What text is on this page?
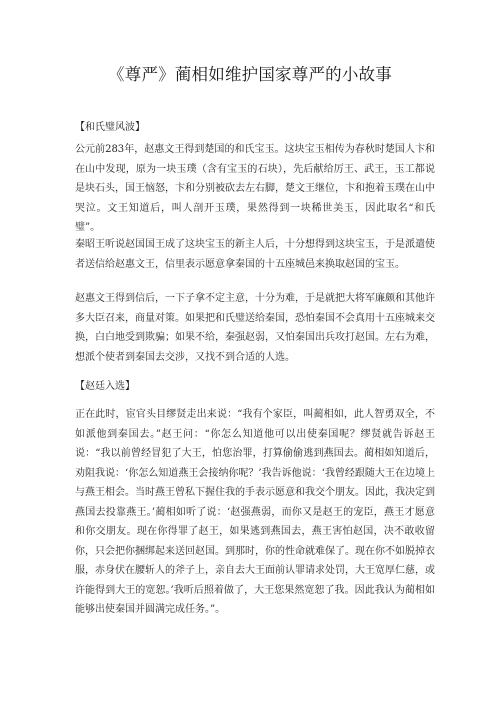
《尊严》蔺相如维护国家尊严的小故事
【和氏璧风波】

公元前283年，赵惠文王得到楚国的和氏宝玉。这块宝玉相传为春秋时楚国人卞和在山中发现，原为一块玉璞（含有宝玉的石块），先后献给厉王、武王，玉工都说是块石头，国王恼怒，卞和分别被砍去左右脚，楚文王继位，卞和抱着玉璞在山中哭泣。文王知道后，叫人剖开玉璞，果然得到一块稀世美玉，因此取名“和氏璧”。

秦昭王听说赵国国王成了这块宝玉的新主人后，十分想得到这块宝玉，于是派遣使者送信给赵惠文王，信里表示愿意拿秦国的十五座城邑来换取赵国的宝玉。

赵惠文王得到信后，一下子拿不定主意，十分为难，于是就把大将军廉颇和其他许多大臣召来，商量对策。如果把和氏璧送给秦国，恐怕秦国不会真用十五座城来交换，白白地受到欺骗；如果不给，秦强赵弱，又怕秦国出兵攻打赵国。左右为难，想派个使者到秦国去交涉，又找不到合适的人选。

【赵廷入选】

正在此时，宦官头目缪贤走出来说：“我有个家臣，叫蔺相如，此人智勇双全，不如派他到秦国去。”赵王问：“你怎么知道他可以出使秦国呢？缪贤就告诉赵王说：“我以前曾经冒犯了大王，怕您治罪，打算偷偷逃到燕国去。蔺相如知道后，劝阻我说：‘你怎么知道燕王会接纳你呢？’我告诉他说：‘我曾经跟随大王在边境上与燕王相会。当时燕王曾私下握住我的手表示愿意和我交个朋友。因此，我决定到燕国去投靠燕王。’蔺相如听了说：‘赵强燕弱，而你又是赵王的宠臣，燕王才愿意和你交朋友。现在你得罪了赵王，如果逃到燕国去，燕王害怕赵国，决不敢收留你，只会把你捆绑起来送回赵国。到那时，你的性命就难保了。现在你不如脱掉衣服，赤身伏在腰斩人的斧子上，亲自去大王面前认罪请求处罚，大王宽厚仁慈，或许能得到大王的宽恕。’我听后照着做了，大王您果然宽恕了我。因此我认为蔺相如能够出使秦国并圆满完成任务。”。
